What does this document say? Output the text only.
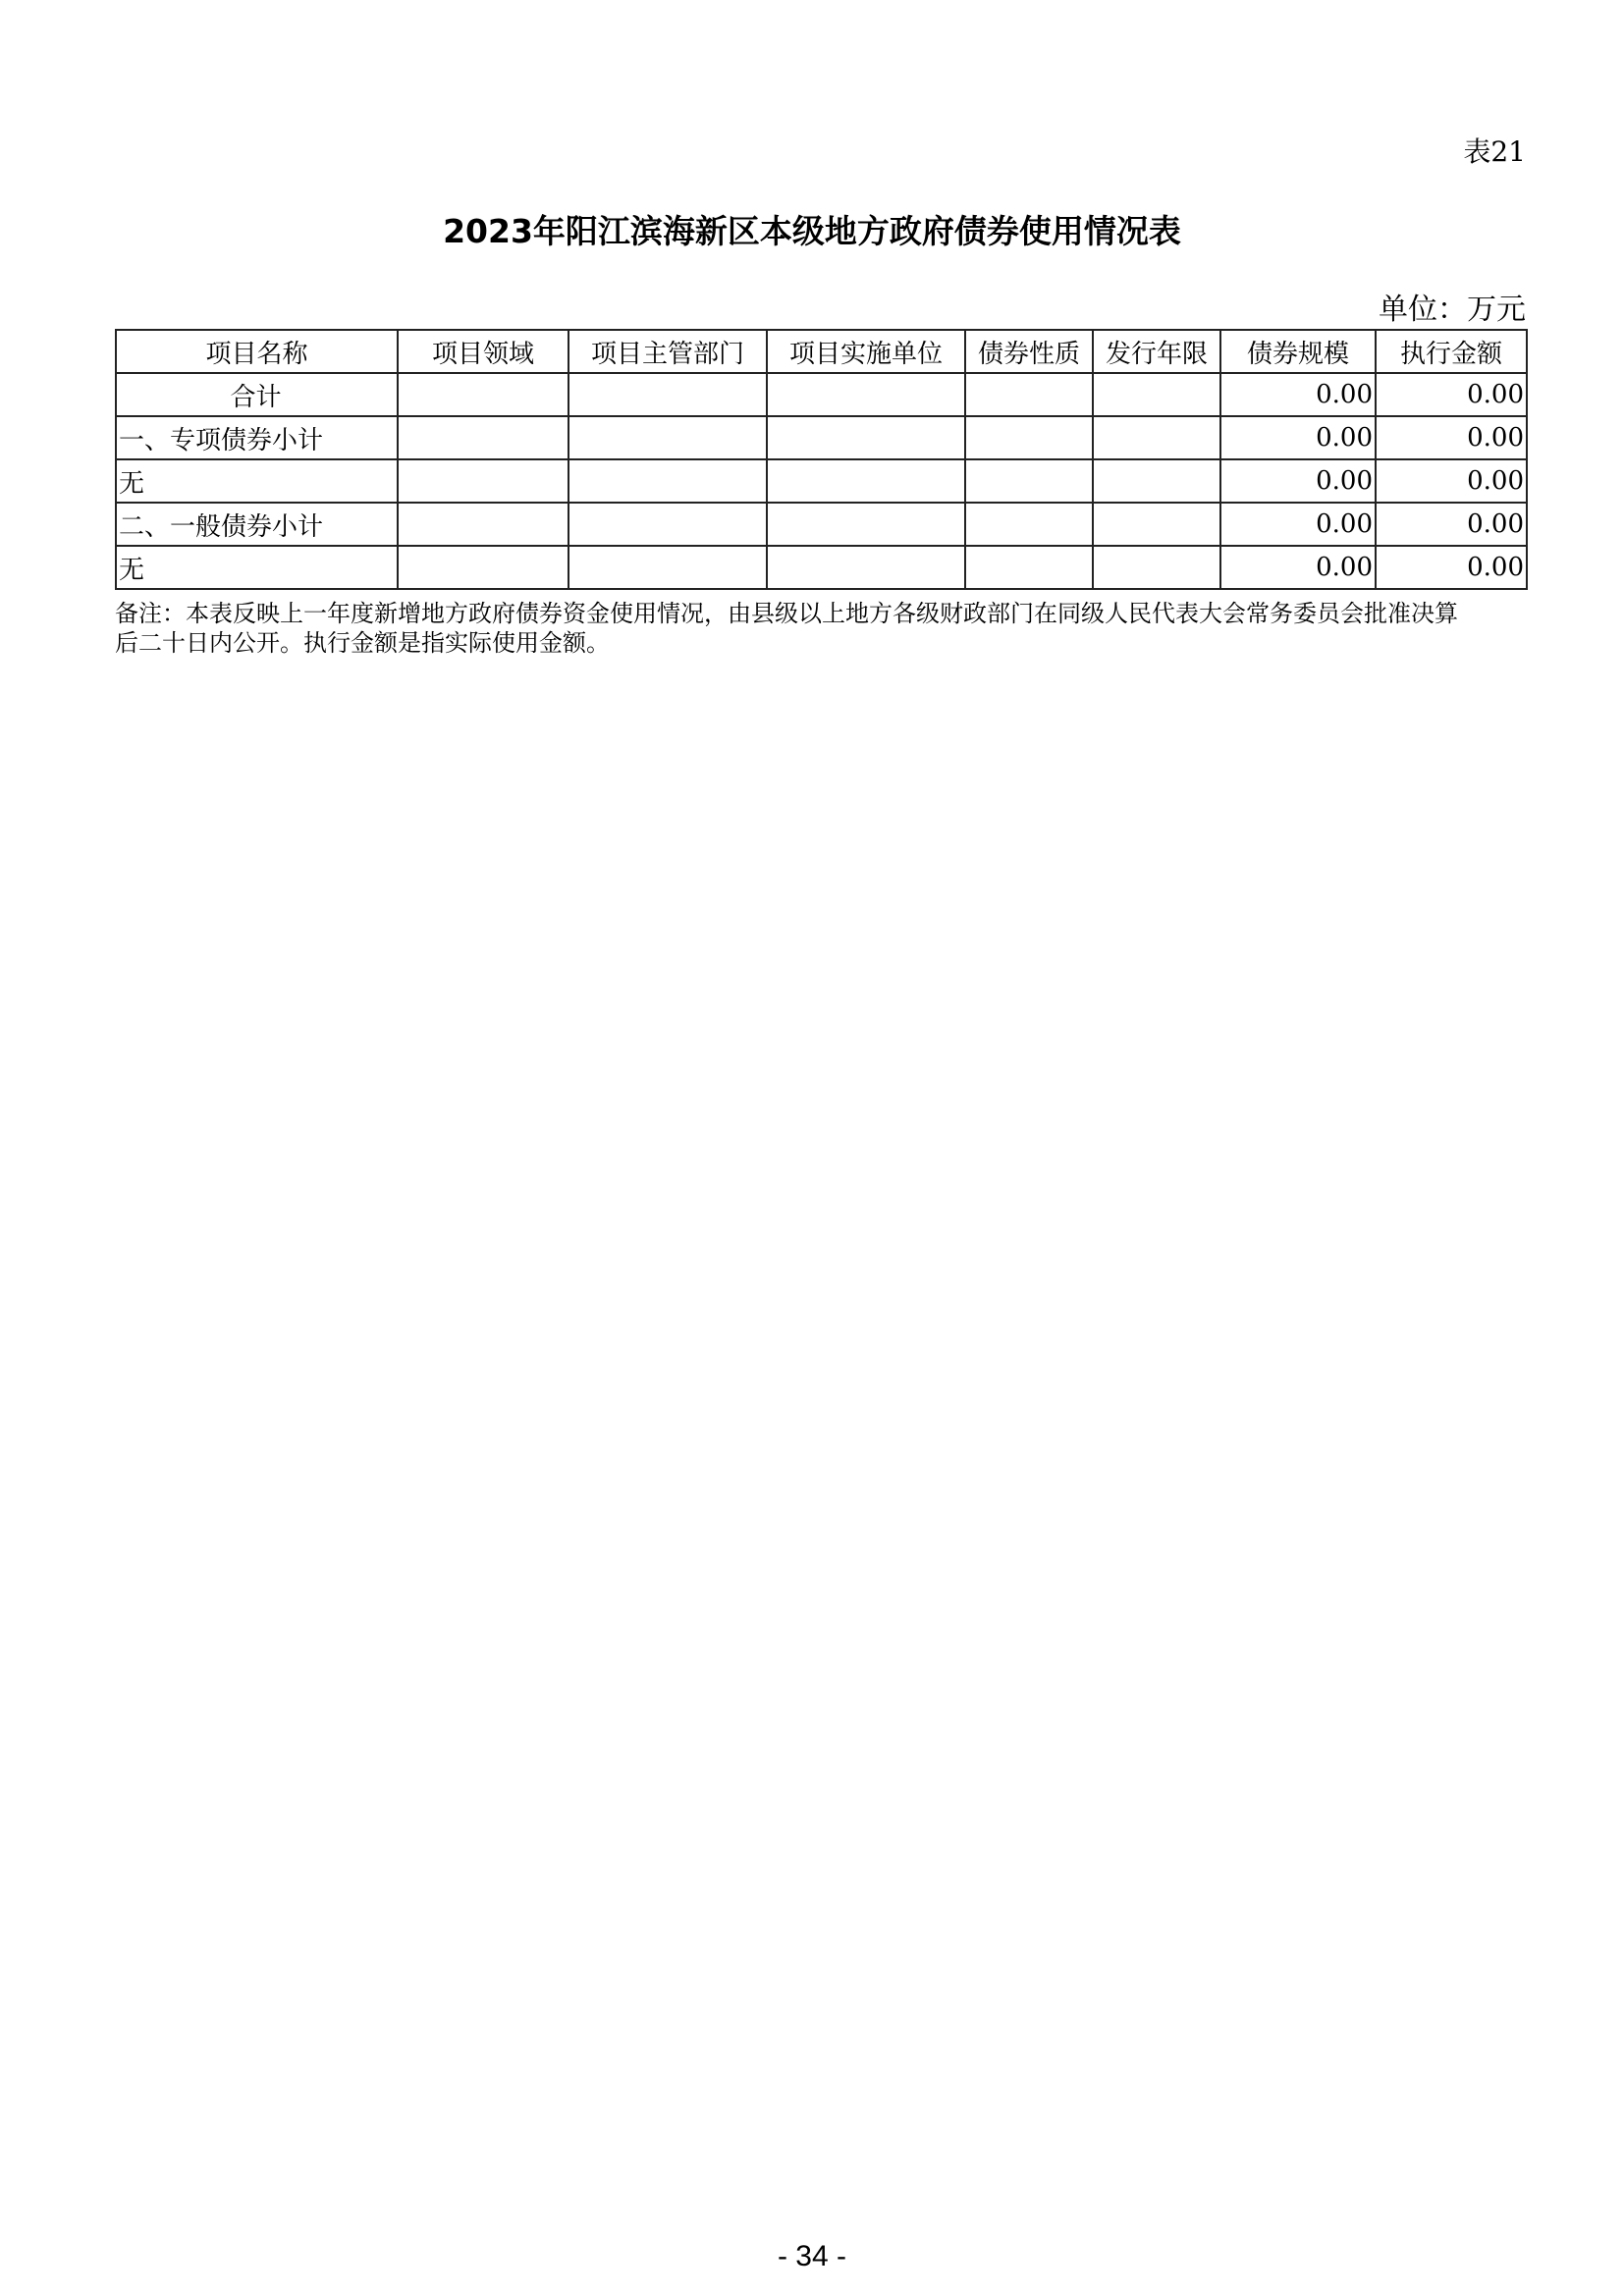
表21
2023年阳江滨海新区本级地方政府债券使用情况表
单位：万元
项目名称	项目领域	项目主管部门	项目实施单位	债券性质	发行年限	债券规模	执行金额
合计						0.00	0.00
一、专项债券小计						0.00	0.00
无						0.00	0.00
二、一般债券小计						0.00	0.00
无						0.00	0.00
备注：本表反映上一年度新增地方政府债券资金使用情况，由县级以上地方各级财政部门在同级人民代表大会常务委员会批准决算
后二十日内公开。执行金额是指实际使用金额。
- 34 -
